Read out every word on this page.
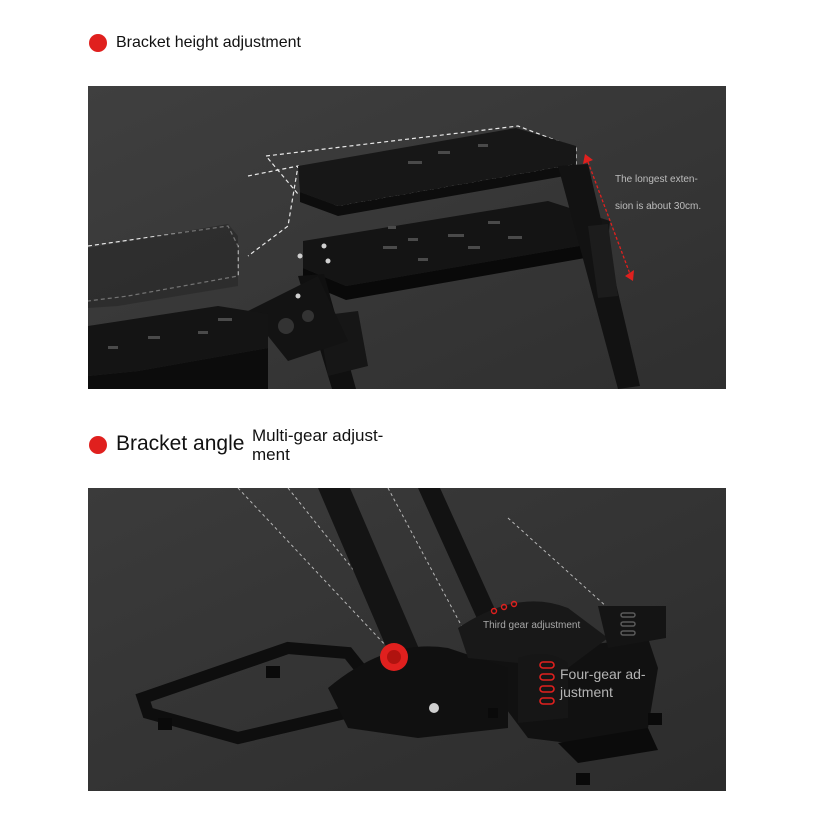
Bracket height adjustment
The longest exten-
sion is about 30cm.
Bracket angle Multi-gear adjust-
ment
Third gear adjustment
Four-gear ad-
justment
